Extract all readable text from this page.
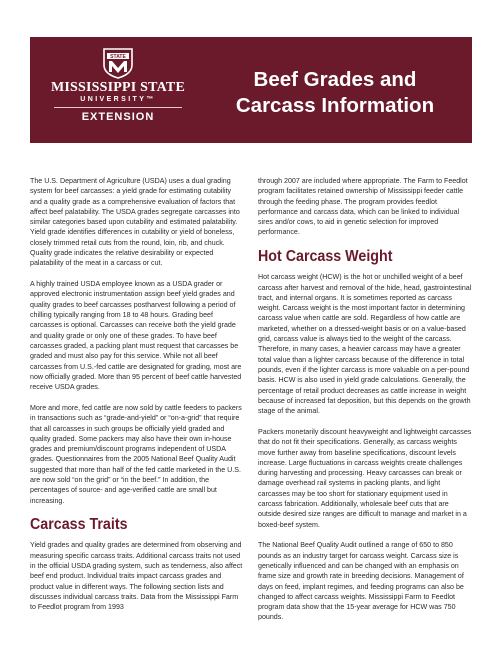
STATE
MISSISSIPPI STATE
UNIVERSITY™
EXTENSION
Beef Grades and
Carcass Information

The U.S. Department of Agriculture (USDA) uses a dual grading system for beef carcasses: a yield grade for estimating cutability and a quality grade as a comprehensive evaluation of factors that affect beef palatability. The USDA grades segregate carcasses into similar categories based upon cutability and estimated palatability. Yield grade identifies differences in cutability or yield of boneless, closely trimmed retail cuts from the round, loin, rib, and chuck. Quality grade indicates the relative desirability or expected palatability of the meat in a carcass or cut.

A highly trained USDA employee known as a USDA grader or approved electronic instrumentation assign beef yield grades and quality grades to beef carcasses postharvest following a period of chilling typically ranging from 18 to 48 hours. Grading beef carcasses is optional. Carcasses can receive both the yield grade and quality grade or only one of these grades. To have beef carcasses graded, a packing plant must request that carcasses be graded and must also pay for this service. While not all beef carcasses from U.S.-fed cattle are designated for grading, most are now officially graded. More than 95 percent of beef cattle harvested receive USDA grades.

More and more, fed cattle are now sold by cattle feeders to packers in transactions such as “grade-and-yield” or “on-a-grid” that require that all carcasses in such groups be officially yield graded and quality graded. Some packers may also have their own in-house grades and premium/discount programs independent of USDA grades. Questionnaires from the 2005 National Beef Quality Audit suggested that more than half of the fed cattle marketed in the U.S. are now sold “on the grid” or “in the beef.” In addition, the percentages of source- and age-verified cattle are small but increasing.

Carcass Traits

Yield grades and quality grades are determined from observing and measuring specific carcass traits. Additional carcass traits not used in the official USDA grading system, such as tenderness, also affect beef end product. Individual traits impact carcass grades and product value in different ways. The following section lists and discusses individual carcass traits. Data from the Mississippi Farm to Feedlot program from 1993

through 2007 are included where appropriate. The Farm to Feedlot program facilitates retained ownership of Mississippi feeder cattle through the feeding phase. The program provides feedlot performance and carcass data, which can be linked to individual sires and/or cows, to aid in genetic selection for improved performance.

Hot Carcass Weight

Hot carcass weight (HCW) is the hot or unchilled weight of a beef carcass after harvest and removal of the hide, head, gastrointestinal tract, and internal organs. It is sometimes reported as carcass weight. Carcass weight is the most important factor in determining carcass value when cattle are sold. Regardless of how cattle are marketed, whether on a dressed-weight basis or on a value-based grid, carcass value is always tied to the weight of the carcass. Therefore, in many cases, a heavier carcass may have a greater total value than a lighter carcass because of the difference in total pounds, even if the lighter carcass is more valuable on a per-pound basis. HCW is also used in yield grade calculations. Generally, the percentage of retail product decreases as cattle increase in weight because of increased fat deposition, but this depends on the growth stage of the animal.

Packers monetarily discount heavyweight and lightweight carcasses that do not fit their specifications. Generally, as carcass weights move further away from baseline specifications, discount levels increase. Large fluctuations in carcass weights create challenges during harvesting and processing. Heavy carcasses can break or damage overhead rail systems in packing plants, and light carcasses may be too short for stationary equipment used in carcass fabrication. Additionally, wholesale beef cuts that are outside desired size ranges are difficult to manage and market in a boxed-beef system.

The National Beef Quality Audit outlined a range of 650 to 850 pounds as an industry target for carcass weight. Carcass size is genetically influenced and can be changed with an emphasis on frame size and growth rate in breeding decisions. Management of days on feed, implant regimes, and feeding programs can also be changed to affect carcass weights. Mississippi Farm to Feedlot program data show that the 15-year average for HCW was 750 pounds.
